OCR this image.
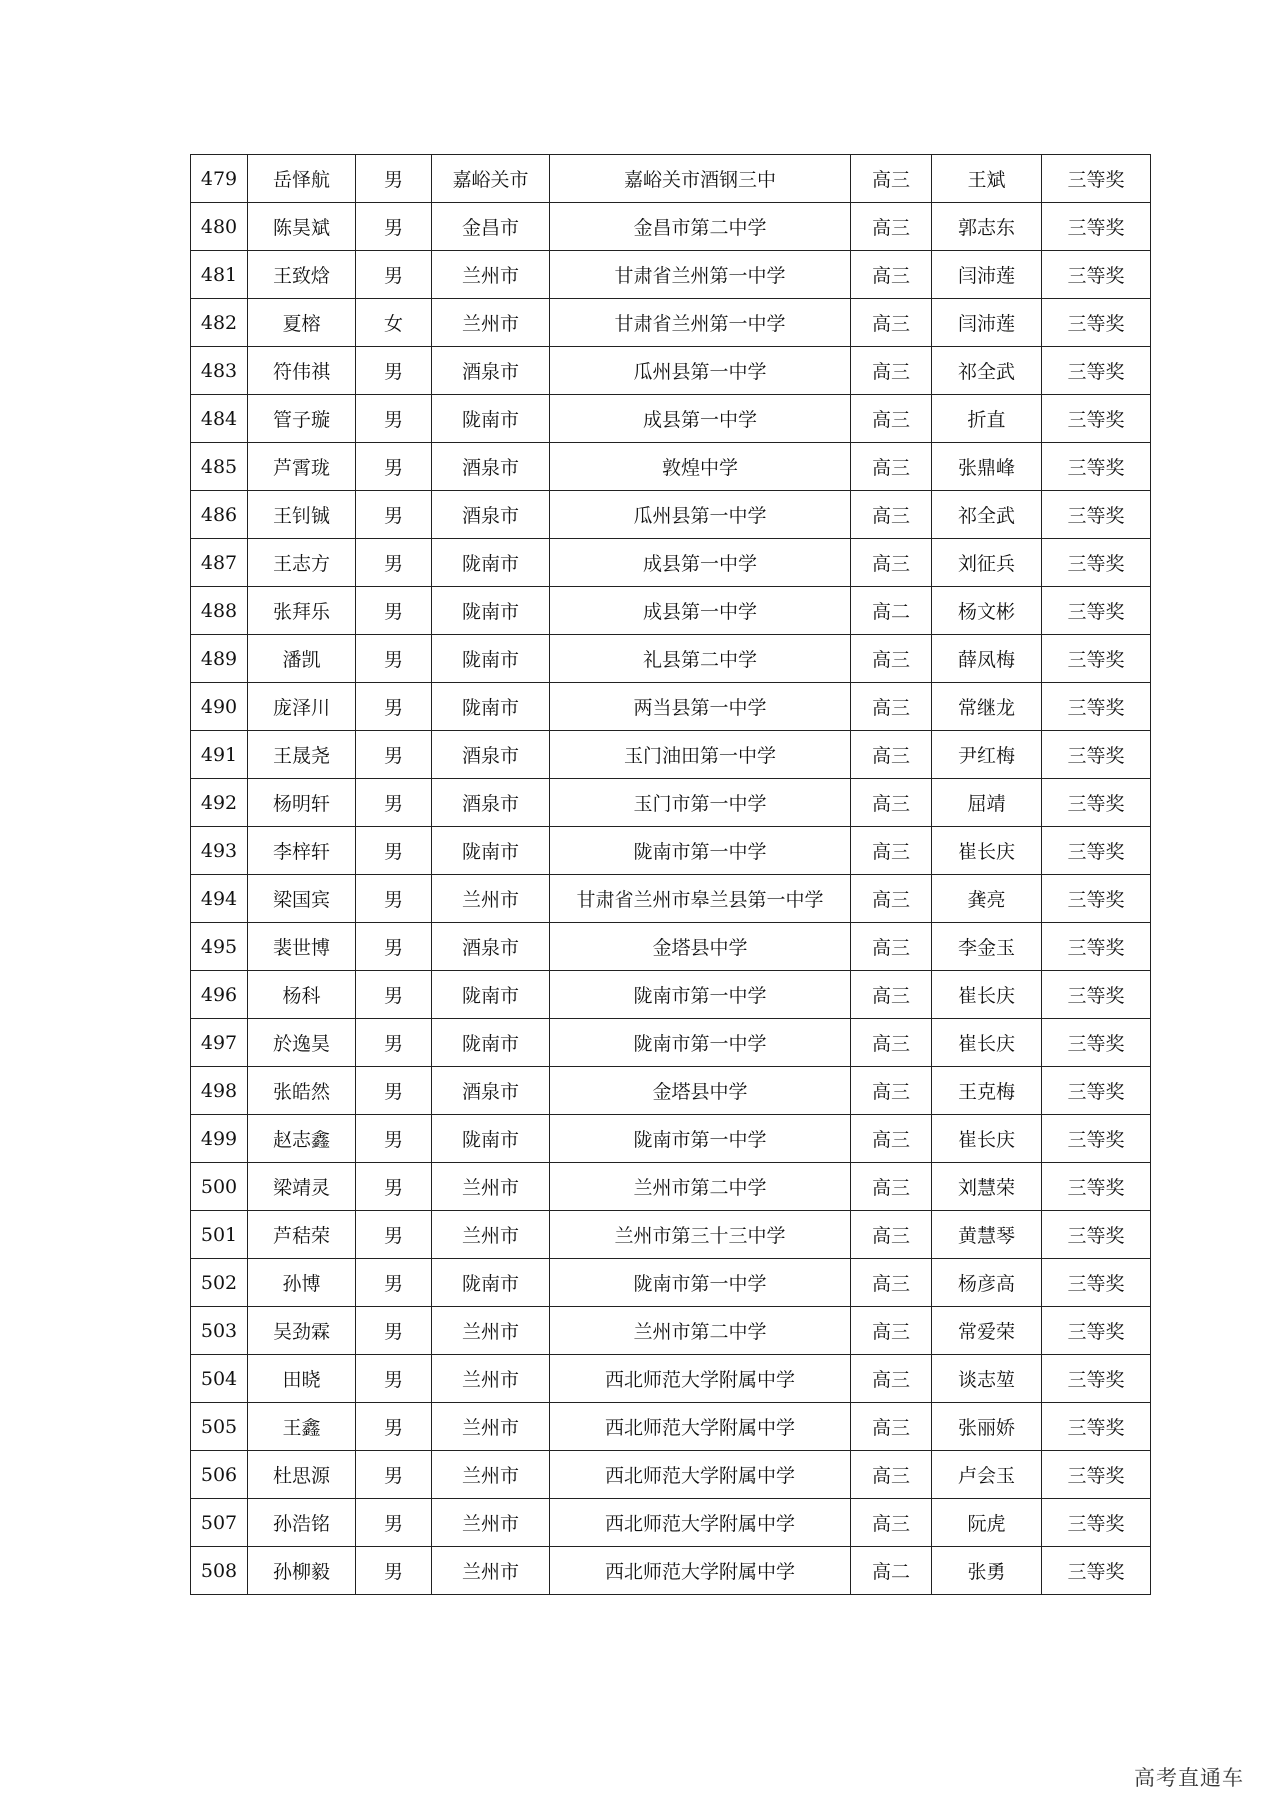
479	岳怿航	男	嘉峪关市	嘉峪关市酒钢三中	高三	王斌	三等奖
480	陈昊斌	男	金昌市	金昌市第二中学	高三	郭志东	三等奖
481	王致焓	男	兰州市	甘肃省兰州第一中学	高三	闫沛莲	三等奖
482	夏榕	女	兰州市	甘肃省兰州第一中学	高三	闫沛莲	三等奖
483	符伟祺	男	酒泉市	瓜州县第一中学	高三	祁全武	三等奖
484	管子璇	男	陇南市	成县第一中学	高三	折直	三等奖
485	芦霄珑	男	酒泉市	敦煌中学	高三	张鼎峰	三等奖
486	王钊铖	男	酒泉市	瓜州县第一中学	高三	祁全武	三等奖
487	王志方	男	陇南市	成县第一中学	高三	刘征兵	三等奖
488	张拜乐	男	陇南市	成县第一中学	高二	杨文彬	三等奖
489	潘凯	男	陇南市	礼县第二中学	高三	薛凤梅	三等奖
490	庞泽川	男	陇南市	两当县第一中学	高三	常继龙	三等奖
491	王晟尧	男	酒泉市	玉门油田第一中学	高三	尹红梅	三等奖
492	杨明轩	男	酒泉市	玉门市第一中学	高三	屈靖	三等奖
493	李梓轩	男	陇南市	陇南市第一中学	高三	崔长庆	三等奖
494	梁国宾	男	兰州市	甘肃省兰州市皋兰县第一中学	高三	龚亮	三等奖
495	裴世博	男	酒泉市	金塔县中学	高三	李金玉	三等奖
496	杨科	男	陇南市	陇南市第一中学	高三	崔长庆	三等奖
497	於逸昊	男	陇南市	陇南市第一中学	高三	崔长庆	三等奖
498	张皓然	男	酒泉市	金塔县中学	高三	王克梅	三等奖
499	赵志鑫	男	陇南市	陇南市第一中学	高三	崔长庆	三等奖
500	梁靖灵	男	兰州市	兰州市第二中学	高三	刘慧荣	三等奖
501	芦秸荣	男	兰州市	兰州市第三十三中学	高三	黄慧琴	三等奖
502	孙博	男	陇南市	陇南市第一中学	高三	杨彦高	三等奖
503	吴劲霖	男	兰州市	兰州市第二中学	高三	常爱荣	三等奖
504	田晓	男	兰州市	西北师范大学附属中学	高三	谈志堃	三等奖
505	王鑫	男	兰州市	西北师范大学附属中学	高三	张丽娇	三等奖
506	杜思源	男	兰州市	西北师范大学附属中学	高三	卢会玉	三等奖
507	孙浩铭	男	兰州市	西北师范大学附属中学	高三	阮虎	三等奖
508	孙柳毅	男	兰州市	西北师范大学附属中学	高二	张勇	三等奖
高考直通车
